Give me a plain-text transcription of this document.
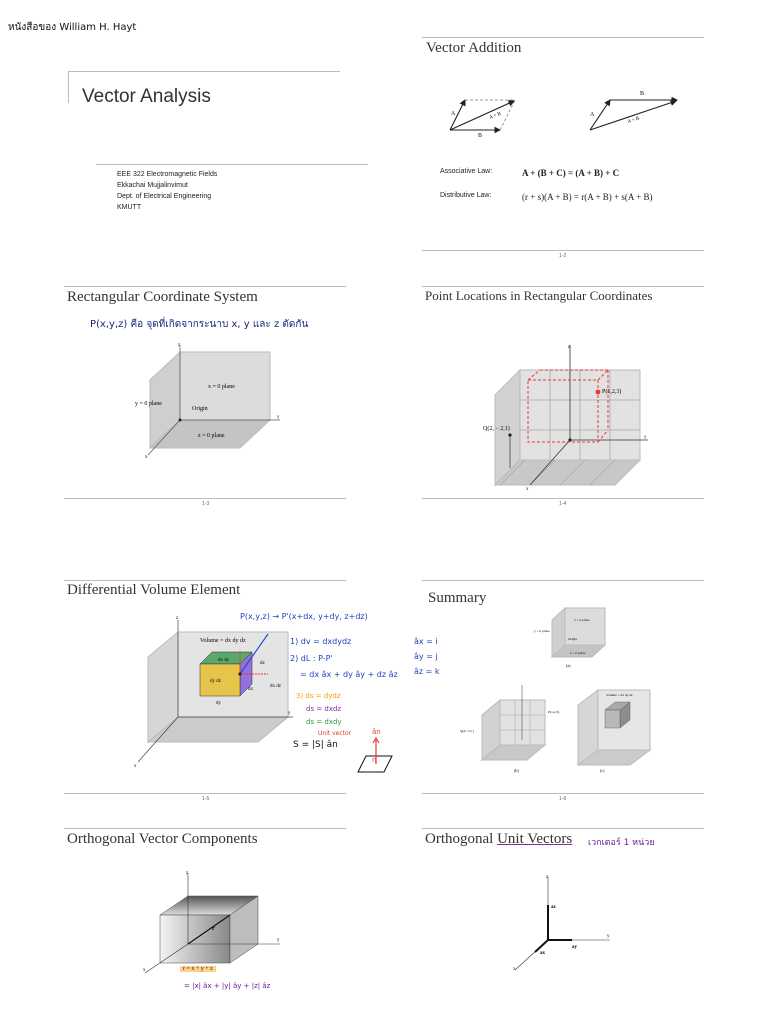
หนังสือของ William H. Hayt
Vector Analysis
EEE 322 Electromagnetic Fields
Ekkachai Mujjalinvimut
Dept. of Electrical Engineering
KMUTT
Vector Addition
A
B
A + B	A
B
A + B
Associative Law:	A + (B + C) = (A + B) + C
Distributive Law:	(r + s)(A + B) = r(A + B) + s(A + B)
1-2
Rectangular Coordinate System
P(x,y,z) คือ จุดที่เกิดจากระนาบ x, y และ z ตัดกัน
z
y
x
x = 0 plane
y = 0 plane
Origin
z = 0 plane
1-3
Point Locations in Rectangular Coordinates
z
y
x
P(1,2,3)
Q(2, − 2,1)
1-4
Differential Volume Element
Volume = dx dy dz
dx dy
dy dz
dx dz
dy
dz
dx
z
y
x
P(x,y,z) → P'(x+dx, y+dy, z+dz)
1) dv = dxdydz
2) dL : P-P'
= dx âx + dy ây + dz âz
3) ds = dydz
ds = dxdz
ds = dxdy
âx = i
ây = j
âz = k
S = |S| ân
Unit vector	ân
n
1-5
Summary
x = 0 plane
y = 0 plane
Origin
z = 0 plane
(a)
P(1,2,3)
Q(2,−2,1)
(b)
Volume = dx dy dz
(c)
1-6
Orthogonal Vector Components
z
y
x
r
r = x + y + z
= |x| âx + |y| ây + |z| âz
Orthogonal Unit Vectors เวกเตอร์ 1 หน่วย
z
y
x
az
ay
ax
